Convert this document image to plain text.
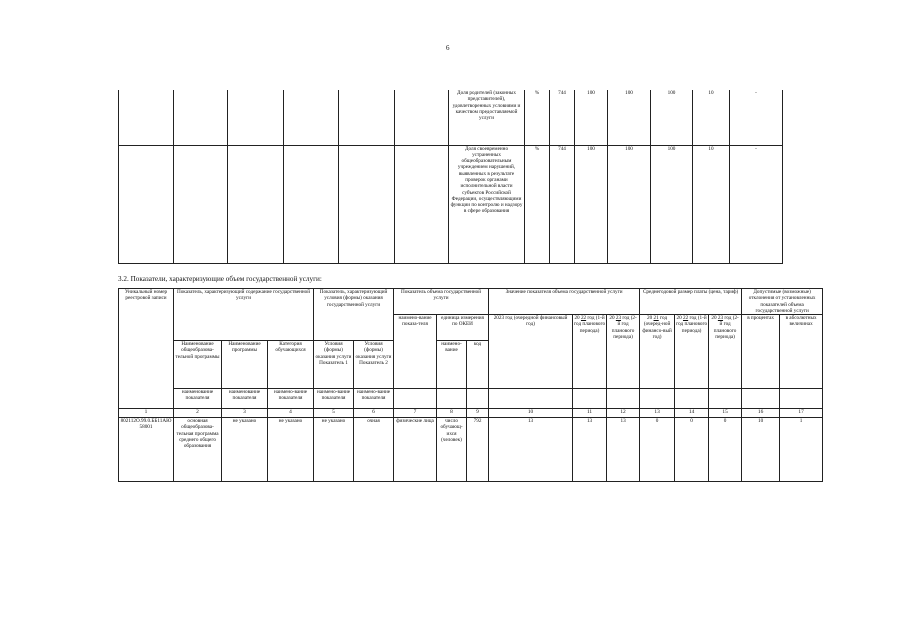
6
						Доля родителей (законных представителей), удовлетворенных условиями и качеством предоставляемой услуги	%	744	100	100	100	10	-
						Доля своевременно устраненных общеобразовательным учреждением нарушений, выявленных в результате проверок органами исполнительной власти субъектов Российской Федерации, осуществляющими функции по контролю и надзору в сфере образования	%	744	100	100	100	10	-
3.2. Показатели, характеризующие объем государственной услуги:
Уникальный номер реестровой записи	Показатель, характеризующий содержание государственной услуги			Показатель, характеризующий условия (формы) оказания государственной услуги		Показатель объема государственной услуги			Значение показателя объема государственной услуги			Среднегодовой размер платы (цена, тариф)			Допустимые (возможные) отклонения от установленных показателей объема государственной услуги	
						наимено-вание показа-теля	единица измерения по ОКЕИ		2023 год (очередной финансовый год)	20 22 год (1-й год планового периода)	20 23 год (2-й год планового периода)	20 21 год (очеред-ной финансо-вый год)	20 22 год (1-й год планового периода)	20 23 год (2-й год планового периода)	в процентах	в абсолютных величинах
	Наименование общеобразова-тельной программы	Наименование программы	Категория обучающихся	Условия (формы) оказания услуги Показатель 1	Условия (формы) оказания услуги Показатель 2		наимено-вание	код								
	наименование показателя	наименование показателя	наимено-вание показателя	наимено-вание показателя	наимено-вание показателя											
1	2	3	4	5	6	7	8	9	10	11	12	13	14	15	16	17
802112О.99.0.ББ11АЮ58001	основная общеобразова-тельная программа среднего общего образования	не указано	не указано	не указано	очная	физические лица	число обучающ-ихся (человек)	792	13	13	13	0	0	0	10	1
